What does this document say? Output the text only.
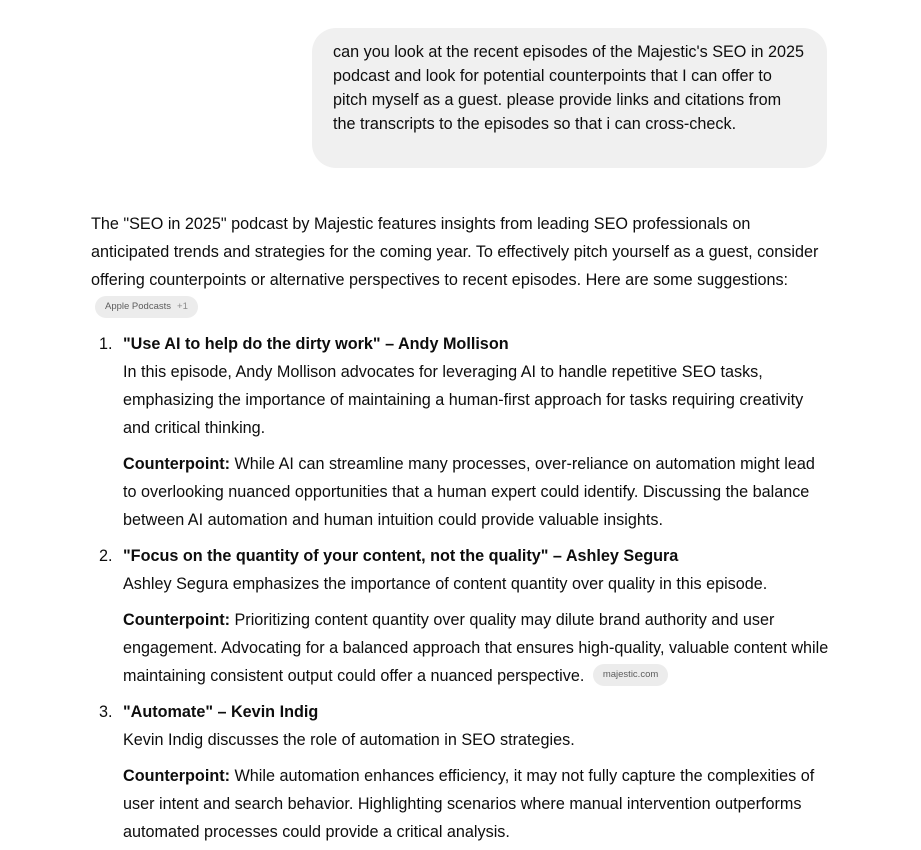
can you look at the recent episodes of the Majestic's SEO in 2025 podcast and look for potential counterpoints that I can offer to pitch myself as a guest. please provide links and citations from the transcripts to the episodes so that i can cross-check.

The "SEO in 2025" podcast by Majestic features insights from leading SEO professionals on anticipated trends and strategies for the coming year. To effectively pitch yourself as a guest, consider offering counterpoints or alternative perspectives to recent episodes. Here are some suggestions: Apple Podcasts +1

1. "Use AI to help do the dirty work" – Andy Mollison

In this episode, Andy Mollison advocates for leveraging AI to handle repetitive SEO tasks, emphasizing the importance of maintaining a human-first approach for tasks requiring creativity and critical thinking.

Counterpoint: While AI can streamline many processes, over-reliance on automation might lead to overlooking nuanced opportunities that a human expert could identify. Discussing the balance between AI automation and human intuition could provide valuable insights.

2. "Focus on the quantity of your content, not the quality" – Ashley Segura

Ashley Segura emphasizes the importance of content quantity over quality in this episode.

Counterpoint: Prioritizing content quantity over quality may dilute brand authority and user engagement. Advocating for a balanced approach that ensures high-quality, valuable content while maintaining consistent output could offer a nuanced perspective. majestic.com

3. "Automate" – Kevin Indig

Kevin Indig discusses the role of automation in SEO strategies.

Counterpoint: While automation enhances efficiency, it may not fully capture the complexities of user intent and search behavior. Highlighting scenarios where manual intervention outperforms automated processes could provide a critical analysis.
